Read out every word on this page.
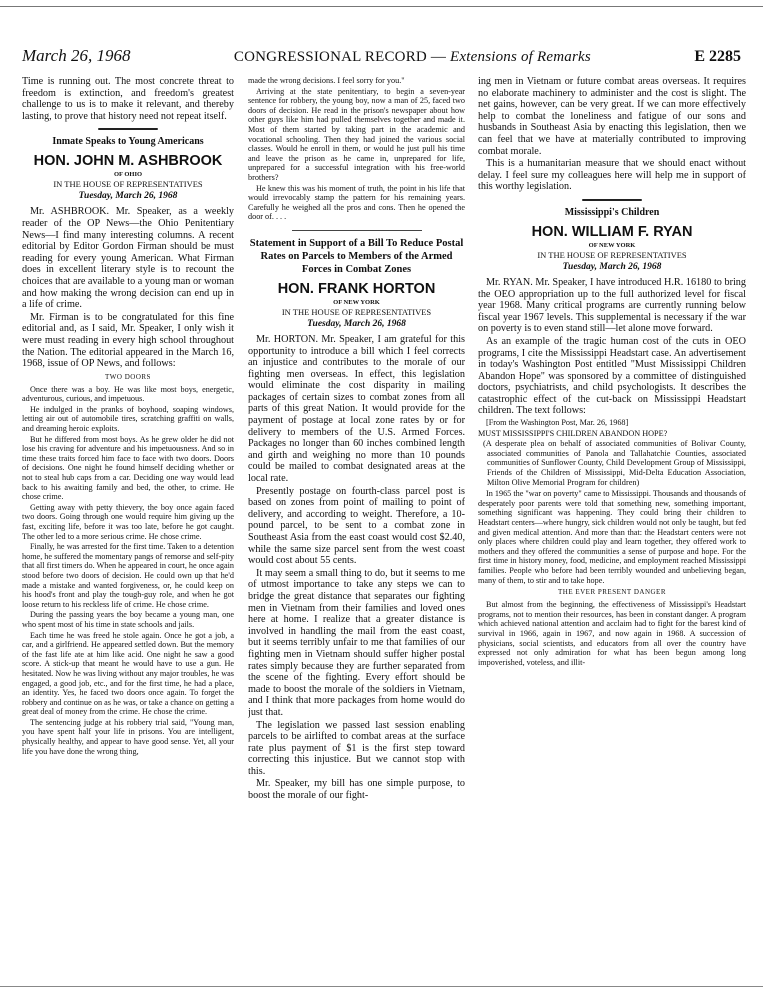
March 26, 1968	CONGRESSIONAL RECORD — Extensions of Remarks	E 2285

Time is running out. The most concrete threat to freedom is extinction, and freedom's greatest challenge to us is to make it relevant, and thereby lasting, to prove that history need not repeat itself.

Inmate Speaks to Young Americans
HON. JOHN M. ASHBROOK
OF OHIO
IN THE HOUSE OF REPRESENTATIVES
Tuesday, March 26, 1968

Mr. ASHBROOK. Mr. Speaker, as a weekly reader of the OP News—the Ohio Penitentiary News—I find many interesting columns. A recent editorial by Editor Gordon Firman should be must reading for every young American. What Firman does in excellent literary style is to recount the choices that are available to a young man or woman and how making the wrong decision can end up in a life of crime.

Mr. Firman is to be congratulated for this fine editorial and, as I said, Mr. Speaker, I only wish it were must reading in every high school throughout the Nation. The editorial appeared in the March 16, 1968, issue of OP News, and follows:

TWO DOORS

Once there was a boy. He was like most boys, energetic, adventurous, curious, and impetuous.

He indulged in the pranks of boyhood, soaping windows, letting air out of automobile tires, scratching graffiti on walls, and dreaming heroic exploits.

But he differed from most boys. As he grew older he did not lose his craving for adventure and his impetuousness. And so in time these traits forced him face to face with two doors. Doors of decisions. One night he found himself deciding whether or not to steal hub caps from a car. Deciding one way would lead back to his awaiting family and bed, the other, to crime. He chose crime.

Getting away with petty thievery, the boy once again faced two doors. Going through one would require him giving up the fast, exciting life, before it was too late, before he got caught. The other led to a more serious crime. He chose crime.

Finally, he was arrested for the first time. Taken to a detention home, he suffered the momentary pangs of remorse and self-pity that all first timers do. When he appeared in court, he once again stood before two doors of decision. He could own up that he'd made a mistake and wanted forgiveness, or, he could keep on his hood's front and play the tough-guy role, and when he got loose return to his reckless life of crime. He chose crime.

During the passing years the boy became a young man, one who spent most of his time in state schools and jails.

Each time he was freed he stole again. Once he got a job, a car, and a girlfriend. He appeared settled down. But the memory of the fast life ate at him like acid. One night he saw a good score. A stick-up that meant he would have to use a gun. He hesitated. Now he was living without any major troubles, he was engaged, a good job, etc., and for the first time, he had a place, an identity. Yes, he faced two doors once again. To forget the robbery and continue on as he was, or take a chance on getting a great deal of money from the crime. He chose the crime.

The sentencing judge at his robbery trial said, "Young man, you have spent half your life in prisons. You are intelligent, physically healthy, and appear to have good sense. Yet, all your life you have done the wrong thing,

made the wrong decisions. I feel sorry for you."

Arriving at the state penitentiary, to begin a seven-year sentence for robbery, the young boy, now a man of 25, faced two doors of decision. He read in the prison's newspaper about how other guys like him had pulled themselves together and made it. Most of them started by taking part in the academic and vocational schooling. Then they had joined the various social classes. Would he enroll in them, or would he just pull his time and leave the prison as he came in, unprepared for life, unprepared for a successful integration with his free-world brothers?

He knew this was his moment of truth, the point in his life that would irrevocably stamp the pattern for his remaining years. Carefully he weighed all the pros and cons. Then he opened the door of. . . .

Statement in Support of a Bill To Reduce Postal Rates on Parcels to Members of the Armed Forces in Combat Zones
HON. FRANK HORTON
OF NEW YORK
IN THE HOUSE OF REPRESENTATIVES
Tuesday, March 26, 1968

Mr. HORTON. Mr. Speaker, I am grateful for this opportunity to introduce a bill which I feel corrects an injustice and contributes to the morale of our fighting men overseas. In effect, this legislation would eliminate the cost disparity in mailing packages of certain sizes to combat zones from all parts of this great Nation. It would provide for the payment of postage at local zone rates by or for delivery to members of the U.S. Armed Forces. Packages no longer than 60 inches combined length and girth and weighing no more than 10 pounds could be mailed to combat designated areas at the local rate.

Presently postage on fourth-class parcel post is based on zones from point of mailing to point of delivery, and according to weight. Therefore, a 10-pound parcel, to be sent to a combat zone in Southeast Asia from the east coast would cost $2.40, while the same size parcel sent from the west coast would cost about 55 cents.

It may seem a small thing to do, but it seems to me of utmost importance to take any steps we can to bridge the great distance that separates our fighting men in Vietnam from their families and loved ones here at home. I realize that a greater distance is involved in handling the mail from the east coast, but it seems terribly unfair to me that families of our fighting men in Vietnam should suffer higher postal rates simply because they are further separated from the scene of the fighting. Every effort should be made to boost the morale of the soldiers in Vietnam, and I think that more packages from home would do just that.

The legislation we passed last session enabling parcels to be airlifted to combat areas at the surface rate plus payment of $1 is the first step toward correcting this injustice. But we cannot stop with this.

Mr. Speaker, my bill has one simple purpose, to boost the morale of our fight-

ing men in Vietnam or future combat areas overseas. It requires no elaborate machinery to administer and the cost is slight. The net gains, however, can be very great. If we can more effectively help to combat the loneliness and fatigue of our sons and husbands in Southeast Asia by enacting this legislation, then we can feel that we have at materially contributed to improving combat morale.

This is a humanitarian measure that we should enact without delay. I feel sure my colleagues here will help me in support of this worthy legislation.

Mississippi's Children
HON. WILLIAM F. RYAN
OF NEW YORK
IN THE HOUSE OF REPRESENTATIVES
Tuesday, March 26, 1968

Mr. RYAN. Mr. Speaker, I have introduced H.R. 16180 to bring the OEO appropriation up to the full authorized level for fiscal year 1968. Many critical programs are currently running below fiscal year 1967 levels. This supplemental is necessary if the war on poverty is to even stand still—let alone move forward.

As an example of the tragic human cost of the cuts in OEO programs, I cite the Mississippi Headstart case. An advertisement in today's Washington Post entitled "Must Mississippi Children Abandon Hope" was sponsored by a committee of distinguished doctors, psychiatrists, and child psychologists. It describes the catastrophic effect of the cut-back on Mississippi Headstart children. The text follows:

[From the Washington Post, Mar. 26, 1968]

MUST MISSISSIPPI'S CHILDREN ABANDON HOPE?

(A desperate plea on behalf of associated communities of Bolivar County, associated communities of Panola and Tallahatchie Counties, associated communities of Sunflower County, Child Development Group of Mississippi, Friends of the Children of Mississippi, Mid-Delta Education Association, Milton Olive Memorial Program for children)

In 1965 the "war on poverty" came to Mississippi. Thousands and thousands of desperately poor parents were told that something new, something important, something significant was happening. They could bring their children to Headstart centers—where hungry, sick children would not only be taught, but fed and given medical attention. And more than that: the Headstart centers were not only places where children could play and learn together, they offered work to mothers and they offered the communities a sense of purpose and hope. For the first time in history money, food, medicine, and employment reached Mississippi families. People who before had been terribly wounded and unbelieving began, many of them, to stir and to take hope.

THE EVER PRESENT DANGER

But almost from the beginning, the effectiveness of Mississippi's Headstart programs, not to mention their resources, has been in constant danger. A program which achieved national attention and acclaim had to fight for the barest kind of survival in 1966, again in 1967, and now again in 1968. A succession of physicians, social scientists, and educators from all over the country have expressed not only admiration for what has been begun among long impoverished, voteless, and illit-
